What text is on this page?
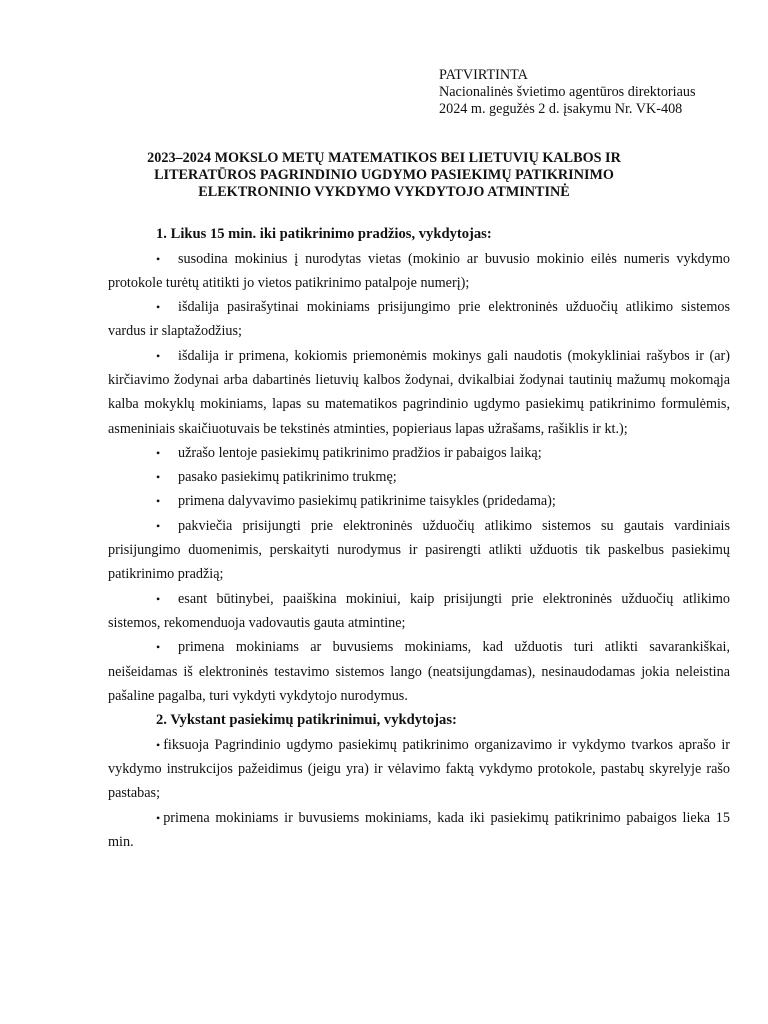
PATVIRTINTA
Nacionalinės švietimo agentūros direktoriaus
2024 m. gegužės 2 d. įsakymu Nr. VK-408
2023–2024 MOKSLO METŲ MATEMATIKOS BEI LIETUVIŲ KALBOS IR
LITERATŪROS PAGRINDINIO UGDYMO PASIEKIMŲ PATIKRINIMO
ELEKTRONINIO VYKDYMO VYKDYTOJO ATMINTINĖ
1. Likus 15 min. iki patikrinimo pradžios, vykdytojas:
• susodina mokinius į nurodytas vietas (mokinio ar buvusio mokinio eilės numeris vykdymo protokole turėtų atitikti jo vietos patikrinimo patalpoje numerį);
• išdalija pasirašytinai mokiniams prisijungimo prie elektroninės užduočių atlikimo sistemos vardus ir slaptažodžius;
• išdalija ir primena, kokiomis priemonėmis mokinys gali naudotis (mokykliniai rašybos ir (ar) kirčiavimo žodynai arba dabartinės lietuvių kalbos žodynai, dvikalbiai žodynai tautinių mažumų mokomąja kalba mokyklų mokiniams, lapas su matematikos pagrindinio ugdymo pasiekimų patikrinimo formulėmis, asmeniniais skaičiuotuvais be tekstinės atminties, popieriaus lapas užrašams, rašiklis ir kt.);
• užrašo lentoje pasiekimų patikrinimo pradžios ir pabaigos laiką;
• pasako pasiekimų patikrinimo trukmę;
• primena dalyvavimo pasiekimų patikrinime taisykles (pridedama);
• pakviečia prisijungti prie elektroninės užduočių atlikimo sistemos su gautais vardiniais prisijungimo duomenimis, perskaityti nurodymus ir pasirengti atlikti užduotis tik paskelbus pasiekimų patikrinimo pradžią;
• esant būtinybei, paaiškina mokiniui, kaip prisijungti prie elektroninės užduočių atlikimo sistemos, rekomenduoja vadovautis gauta atmintine;
• primena mokiniams ar buvusiems mokiniams, kad užduotis turi atlikti savarankiškai, neišeidamas iš elektroninės testavimo sistemos lango (neatsijungdamas), nesinaudodamas jokia neleistina pašaline pagalba, turi vykdyti vykdytojo nurodymus.
2. Vykstant pasiekimų patikrinimui, vykdytojas:
• fiksuoja Pagrindinio ugdymo pasiekimų patikrinimo organizavimo ir vykdymo tvarkos aprašo ir vykdymo instrukcijos pažeidimus (jeigu yra) ir vėlavimo faktą vykdymo protokole, pastabų skyrelyje rašo pastabas;
• primena mokiniams ir buvusiems mokiniams, kada iki pasiekimų patikrinimo pabaigos lieka 15 min.
